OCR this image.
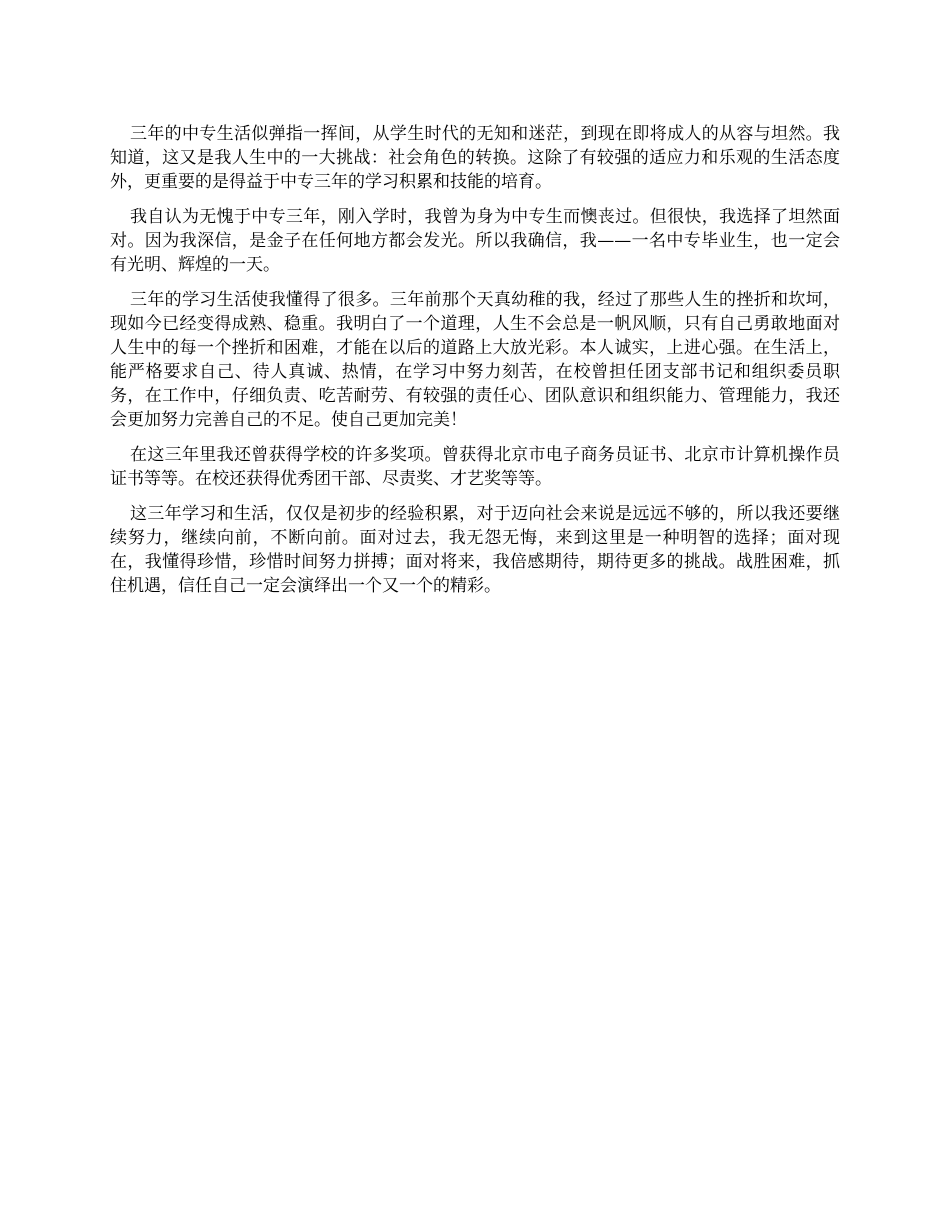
三年的中专生活似弹指一挥间，从学生时代的无知和迷茫，到现在即将成人的从容与坦然。我知道，这又是我人生中的一大挑战：社会角色的转换。这除了有较强的适应力和乐观的生活态度外，更重要的是得益于中专三年的学习积累和技能的培育。

我自认为无愧于中专三年，刚入学时，我曾为身为中专生而懊丧过。但很快，我选择了坦然面对。因为我深信，是金子在任何地方都会发光。所以我确信，我——一名中专毕业生，也一定会有光明、辉煌的一天。

三年的学习生活使我懂得了很多。三年前那个天真幼稚的我，经过了那些人生的挫折和坎坷，现如今已经变得成熟、稳重。我明白了一个道理，人生不会总是一帆风顺，只有自己勇敢地面对人生中的每一个挫折和困难，才能在以后的道路上大放光彩。本人诚实，上进心强。在生活上，能严格要求自己、待人真诚、热情，在学习中努力刻苦，在校曾担任团支部书记和组织委员职务，在工作中，仔细负责、吃苦耐劳、有较强的责任心、团队意识和组织能力、管理能力，我还会更加努力完善自己的不足。使自己更加完美！

在这三年里我还曾获得学校的许多奖项。曾获得北京市电子商务员证书、北京市计算机操作员证书等等。在校还获得优秀团干部、尽责奖、才艺奖等等。

这三年学习和生活，仅仅是初步的经验积累，对于迈向社会来说是远远不够的，所以我还要继续努力，继续向前，不断向前。面对过去，我无怨无悔，来到这里是一种明智的选择；面对现在，我懂得珍惜，珍惜时间努力拼搏；面对将来，我倍感期待，期待更多的挑战。战胜困难，抓住机遇，信任自己一定会演绎出一个又一个的精彩。
